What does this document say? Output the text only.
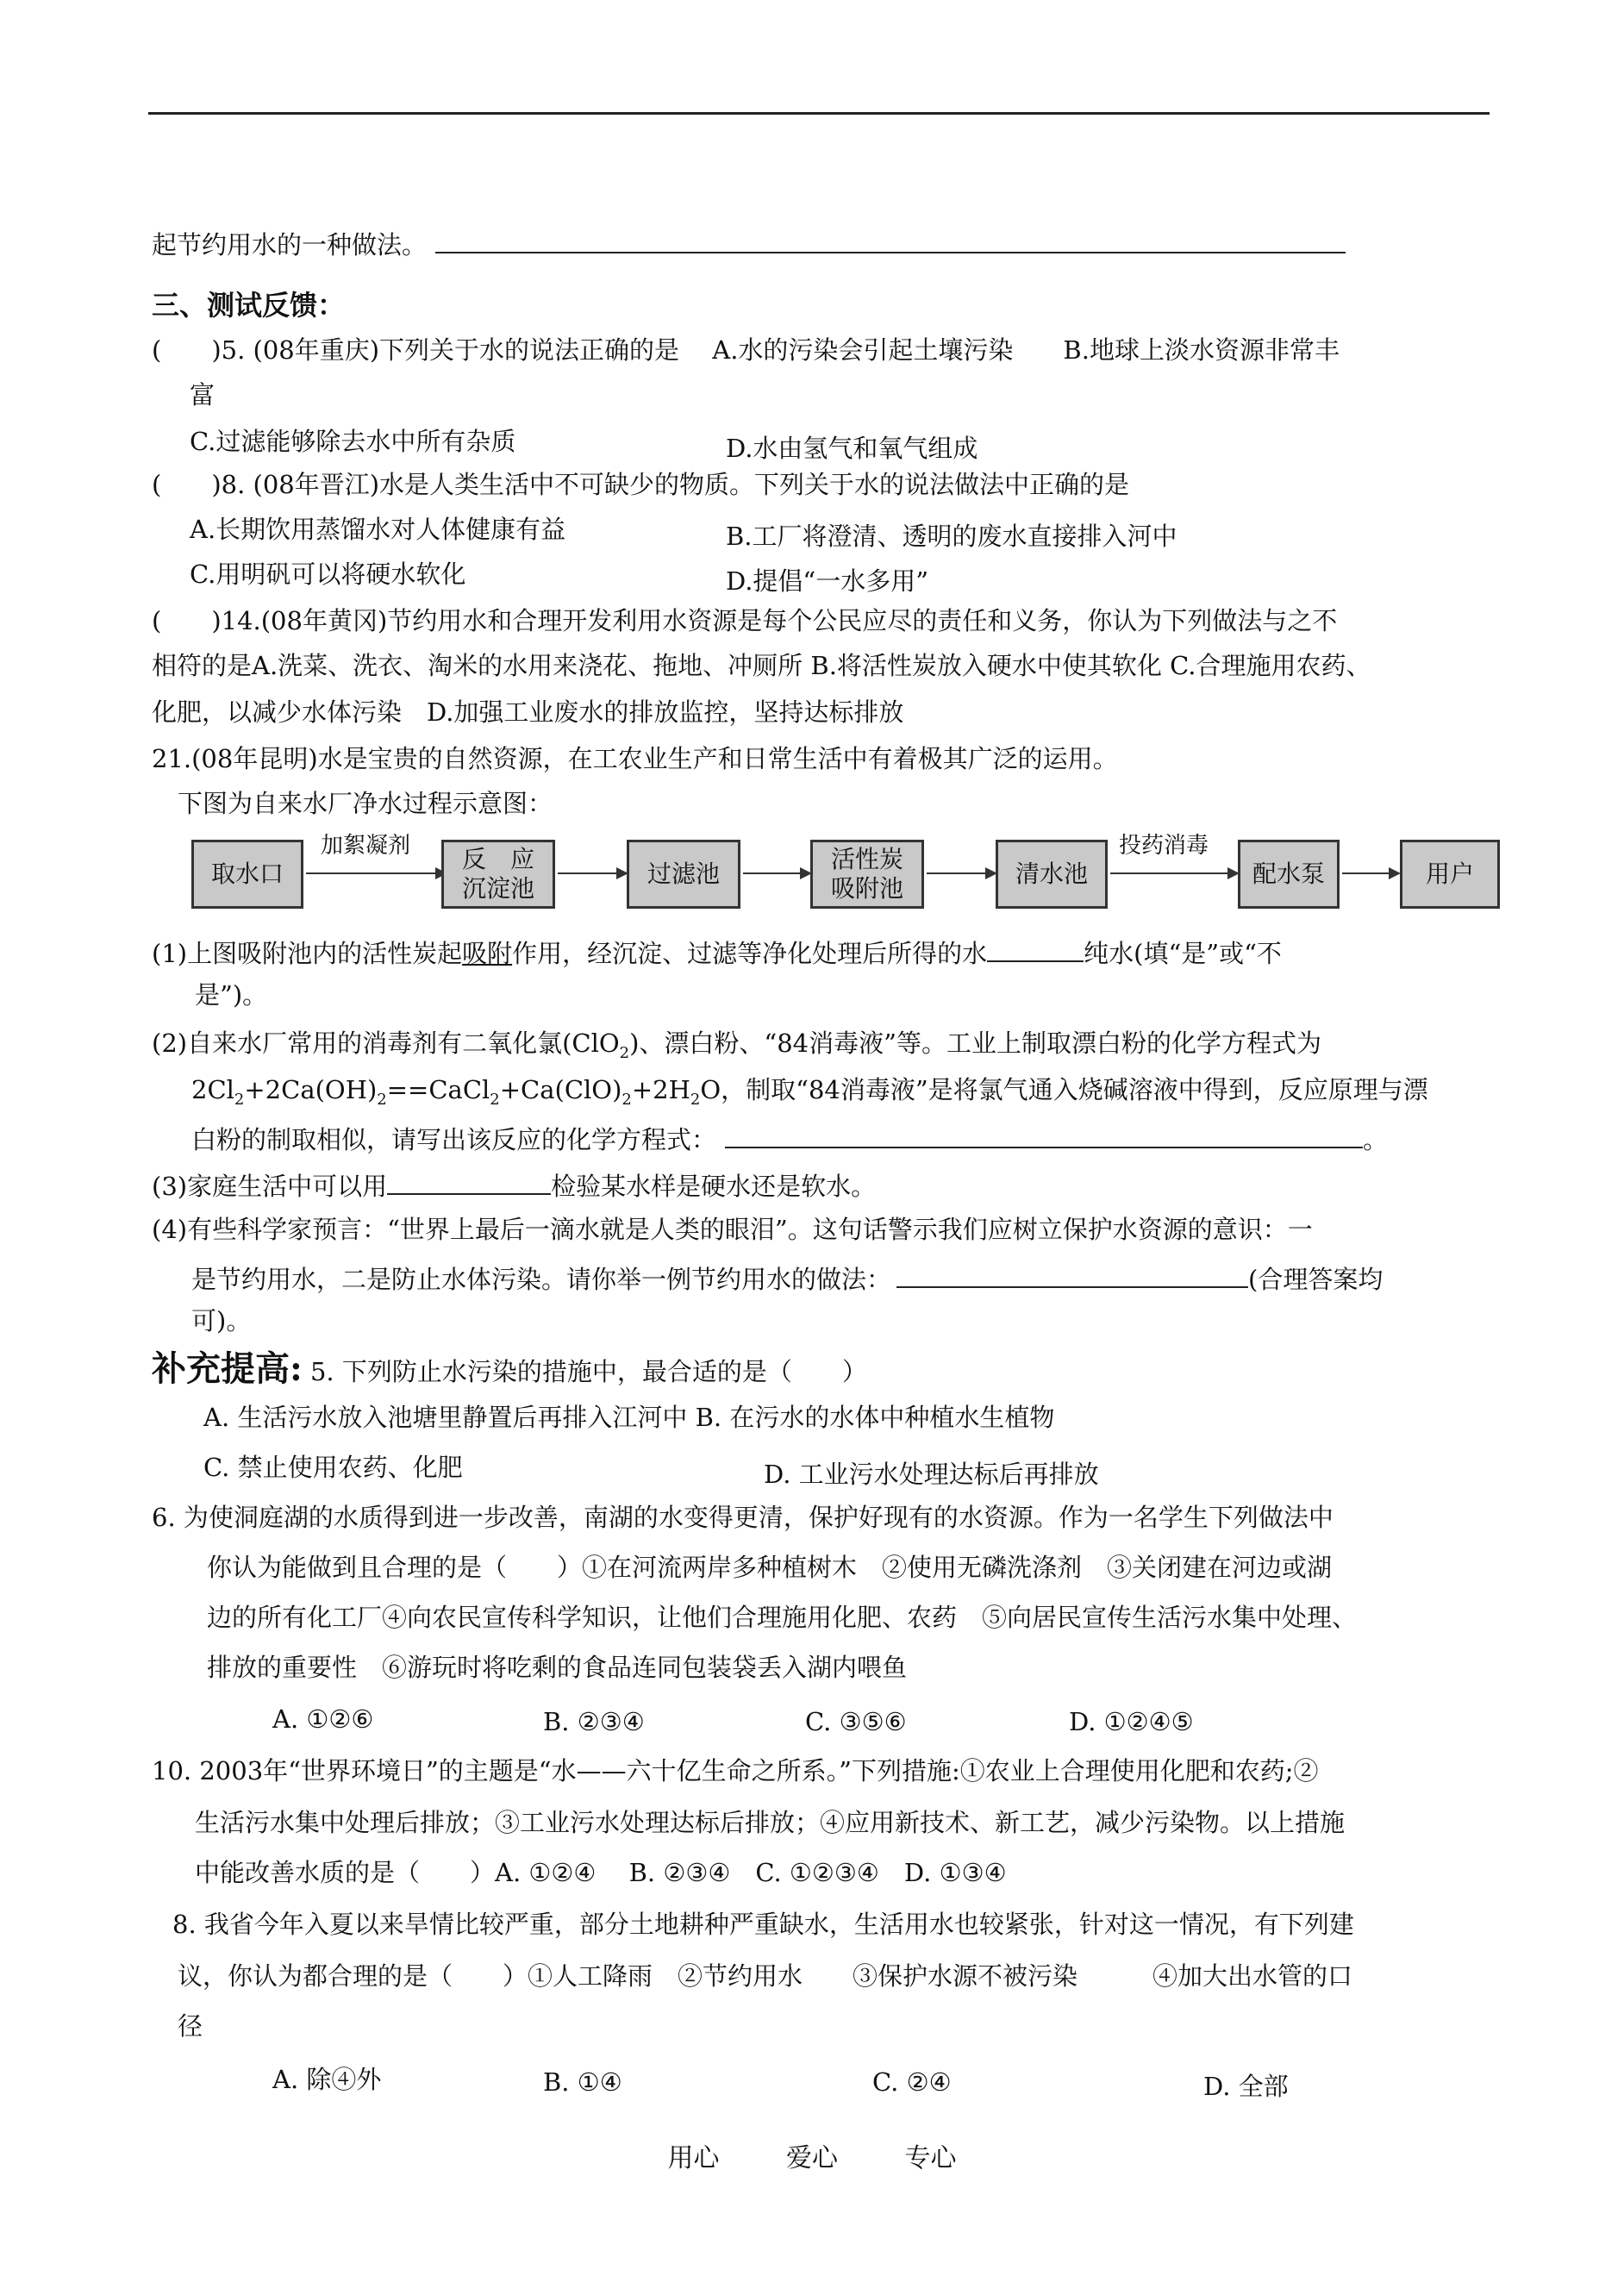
起节约用水的一种做法。
三、测试反馈：
(　　)5. (08年重庆)下列关于水的说法正确的是　 A.水的污染会引起土壤污染　　B.地球上淡水资源非常丰
富
C.过滤能够除去水中所有杂质	D.水由氢气和氧气组成
(　　)8. (08年晋江)水是人类生活中不可缺少的物质。下列关于水的说法做法中正确的是
A.长期饮用蒸馏水对人体健康有益	B.工厂将澄清、透明的废水直接排入河中
C.用明矾可以将硬水软化	D.提倡“一水多用”
(　　)14.(08年黄冈)节约用水和合理开发利用水资源是每个公民应尽的责任和义务，你认为下列做法与之不
相符的是A.洗菜、洗衣、淘米的水用来浇花、拖地、冲厕所 B.将活性炭放入硬水中使其软化 C.合理施用农药、
化肥，以减少水体污染　D.加强工业废水的排放监控，坚持达标排放
21.(08年昆明)水是宝贵的自然资源，在工农业生产和日常生活中有着极其广泛的运用。
下图为自来水厂净水过程示意图：
取水口
加絮凝剂	反　应
沉淀池
过滤池
活性炭
吸附池
清水池
投药消毒
配水泵	用户
(1)上图吸附池内的活性炭起吸附作用，经沉淀、过滤等净化处理后所得的水	纯水(填“是”或“不
是”)。
(2)自来水厂常用的消毒剂有二氧化氯(ClO$_2$)、漂白粉、“84消毒液”等。工业上制取漂白粉的化学方程式为
$2Cl_2+2Ca(OH)_2==CaCl_2+Ca(ClO)_2+2H_2O$，制取“84消毒液”是将氯气通入烧碱溶液中得到，反应原理与漂
白粉的制取相似，请写出该反应的化学方程式：	。
(3)家庭生活中可以用	检验某水样是硬水还是软水。
(4)有些科学家预言：“世界上最后一滴水就是人类的眼泪”。这句话警示我们应树立保护水资源的意识：一
是节约用水，二是防止水体污染。请你举一例节约用水的做法：	(合理答案均
可)。
补充提高: 5. 下列防止水污染的措施中，最合适的是（　　）
A. 生活污水放入池塘里静置后再排入江河中 B. 在污水的水体中种植水生植物
C. 禁止使用农药、化肥	D. 工业污水处理达标后再排放
6. 为使洞庭湖的水质得到进一步改善，南湖的水变得更清，保护好现有的水资源。作为一名学生下列做法中
你认为能做到且合理的是（　　）①在河流两岸多种植树木　②使用无磷洗涤剂　③关闭建在河边或湖
边的所有化工厂④向农民宣传科学知识，让他们合理施用化肥、农药　⑤向居民宣传生活污水集中处理、
排放的重要性　⑥游玩时将吃剩的食品连同包装袋丢入湖内喂鱼
A. ①②⑥	B. ②③④	C. ③⑤⑥	D. ①②④⑤
10. 2003年“世界环境日”的主题是“水——六十亿生命之所系。”下列措施:①农业上合理使用化肥和农药;②
生活污水集中处理后排放；③工业污水处理达标后排放；④应用新技术、新工艺，减少污染物。以上措施
中能改善水质的是（　　）A. ①②④　 B. ②③④　C. ①②③④　D. ①③④
8. 我省今年入夏以来旱情比较严重，部分土地耕种严重缺水，生活用水也较紧张，针对这一情况，有下列建
议，你认为都合理的是（　　）①人工降雨　②节约用水　　③保护水源不被污染　　　④加大出水管的口
径
A. 除④外	B. ①④	C. ②④	D. 全部
用心	爱心	专心
